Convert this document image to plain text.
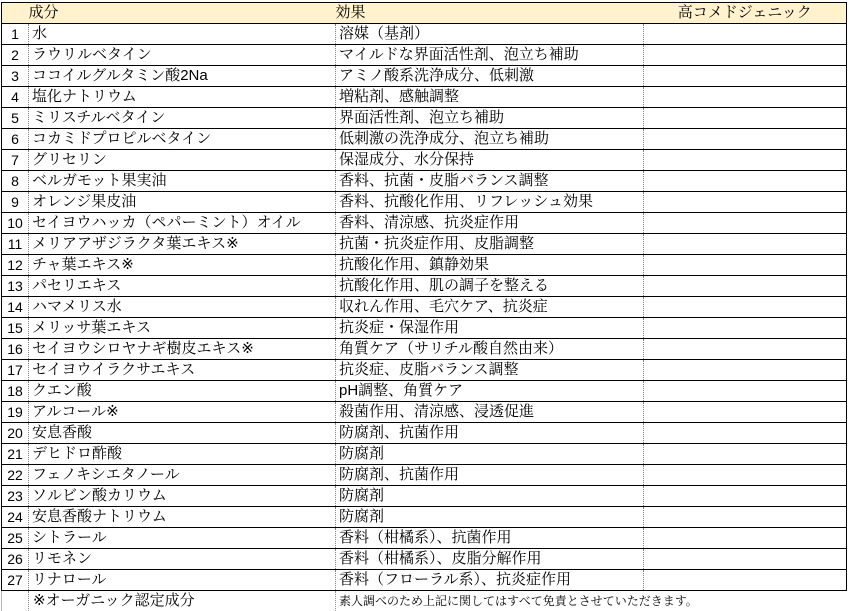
	成分	効果	高コメドジェニック
1	水	溶媒（基剤）	
2	ラウリルベタイン	マイルドな界面活性剤、泡立ち補助	
3	ココイルグルタミン酸2Na	アミノ酸系洗浄成分、低刺激	
4	塩化ナトリウム	増粘剤、感触調整	
5	ミリスチルベタイン	界面活性剤、泡立ち補助	
6	コカミドプロピルベタイン	低刺激の洗浄成分、泡立ち補助	
7	グリセリン	保湿成分、水分保持	
8	ベルガモット果実油	香料、抗菌・皮脂バランス調整	
9	オレンジ果皮油	香料、抗酸化作用、リフレッシュ効果	
10	セイヨウハッカ（ペパーミント）オイル	香料、清涼感、抗炎症作用	
11	メリアアザジラクタ葉エキス※	抗菌・抗炎症作用、皮脂調整	
12	チャ葉エキス※	抗酸化作用、鎮静効果	
13	パセリエキス	抗酸化作用、肌の調子を整える	
14	ハマメリス水	収れん作用、毛穴ケア、抗炎症	
15	メリッサ葉エキス	抗炎症・保湿作用	
16	セイヨウシロヤナギ樹皮エキス※	角質ケア（サリチル酸自然由来）	
17	セイヨウイラクサエキス	抗炎症、皮脂バランス調整	
18	クエン酸	pH調整、角質ケア	
19	アルコール※	殺菌作用、清涼感、浸透促進	
20	安息香酸	防腐剤、抗菌作用	
21	デヒドロ酢酸	防腐剤	
22	フェノキシエタノール	防腐剤、抗菌作用	
23	ソルビン酸カリウム	防腐剤	
24	安息香酸ナトリウム	防腐剤	
25	シトラール	香料（柑橘系）、抗菌作用	
26	リモネン	香料（柑橘系）、皮脂分解作用	
27	リナロール	香料（フローラル系）、抗炎症作用	
	※オーガニック認定成分	素人調べのため上記に関してはすべて免責とさせていただきます。	
